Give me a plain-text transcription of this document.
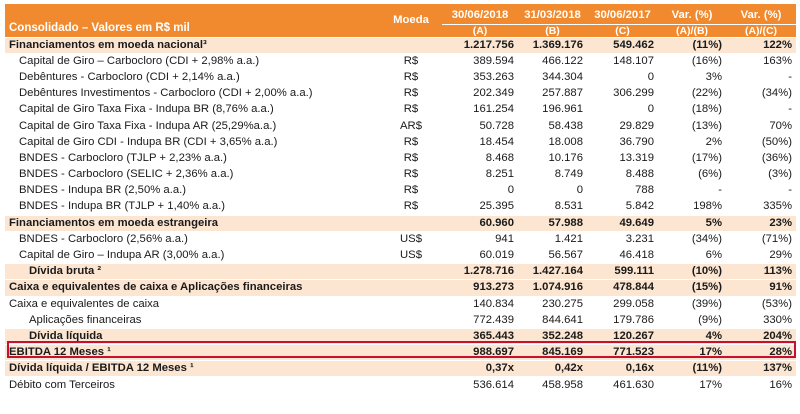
Consolidado – Valores em R$ mil	Moeda	30/06/2018	31/03/2018	30/06/2017	Var. (%)	Var. (%)
		(A)	(B)	(C)	(A)/(B)	(A)/(C)
Financiamentos em moeda nacional³		1.217.756	1.369.176	549.462	(11%)	122%
Capital de Giro – Carbocloro (CDI + 2,98% a.a.)	R$	389.594	466.122	148.107	(16%)	163%
Debêntures - Carbocloro (CDI + 2,14% a.a.)	R$	353.263	344.304	0	3%	-
Debêntures Investimentos - Carbocloro (CDI + 2,00% a.a.)	R$	202.349	257.887	306.299	(22%)	(34%)
Capital de Giro Taxa Fixa - Indupa BR (8,76% a.a.)	R$	161.254	196.961	0	(18%)	-
Capital de Giro Taxa Fixa - Indupa AR (25,29%a.a.)	AR$	50.728	58.438	29.829	(13%)	70%
Capital de Giro CDI - Indupa BR (CDI + 3,65% a.a.)	R$	18.454	18.008	36.790	2%	(50%)
BNDES - Carbocloro (TJLP + 2,23% a.a.)	R$	8.468	10.176	13.319	(17%)	(36%)
BNDES - Carbocloro (SELIC + 2,36% a.a.)	R$	8.251	8.749	8.488	(6%)	(3%)
BNDES - Indupa BR (2,50% a.a.)	R$	0	0	788	-	-
BNDES - Indupa BR (TJLP + 1,40% a.a.)	R$	25.395	8.531	5.842	198%	335%
Financiamentos em moeda estrangeira		60.960	57.988	49.649	5%	23%
BNDES - Carbocloro (2,56% a.a.)	US$	941	1.421	3.231	(34%)	(71%)
Capital de Giro – Indupa AR (3,00% a.a.)	US$	60.019	56.567	46.418	6%	29%
Dívida bruta ²		1.278.716	1.427.164	599.111	(10%)	113%
Caixa e equivalentes de caixa e Aplicações financeiras		913.273	1.074.916	478.844	(15%)	91%
Caixa e equivalentes de caixa		140.834	230.275	299.058	(39%)	(53%)
Aplicações financeiras		772.439	844.641	179.786	(9%)	330%
Dívida líquida		365.443	352.248	120.267	4%	204%
EBITDA 12 Meses ¹		988.697	845.169	771.523	17%	28%
Dívida líquida / EBITDA 12 Meses ¹		0,37x	0,42x	0,16x	(11%)	137%
Débito com Terceiros		536.614	458.958	461.630	17%	16%
